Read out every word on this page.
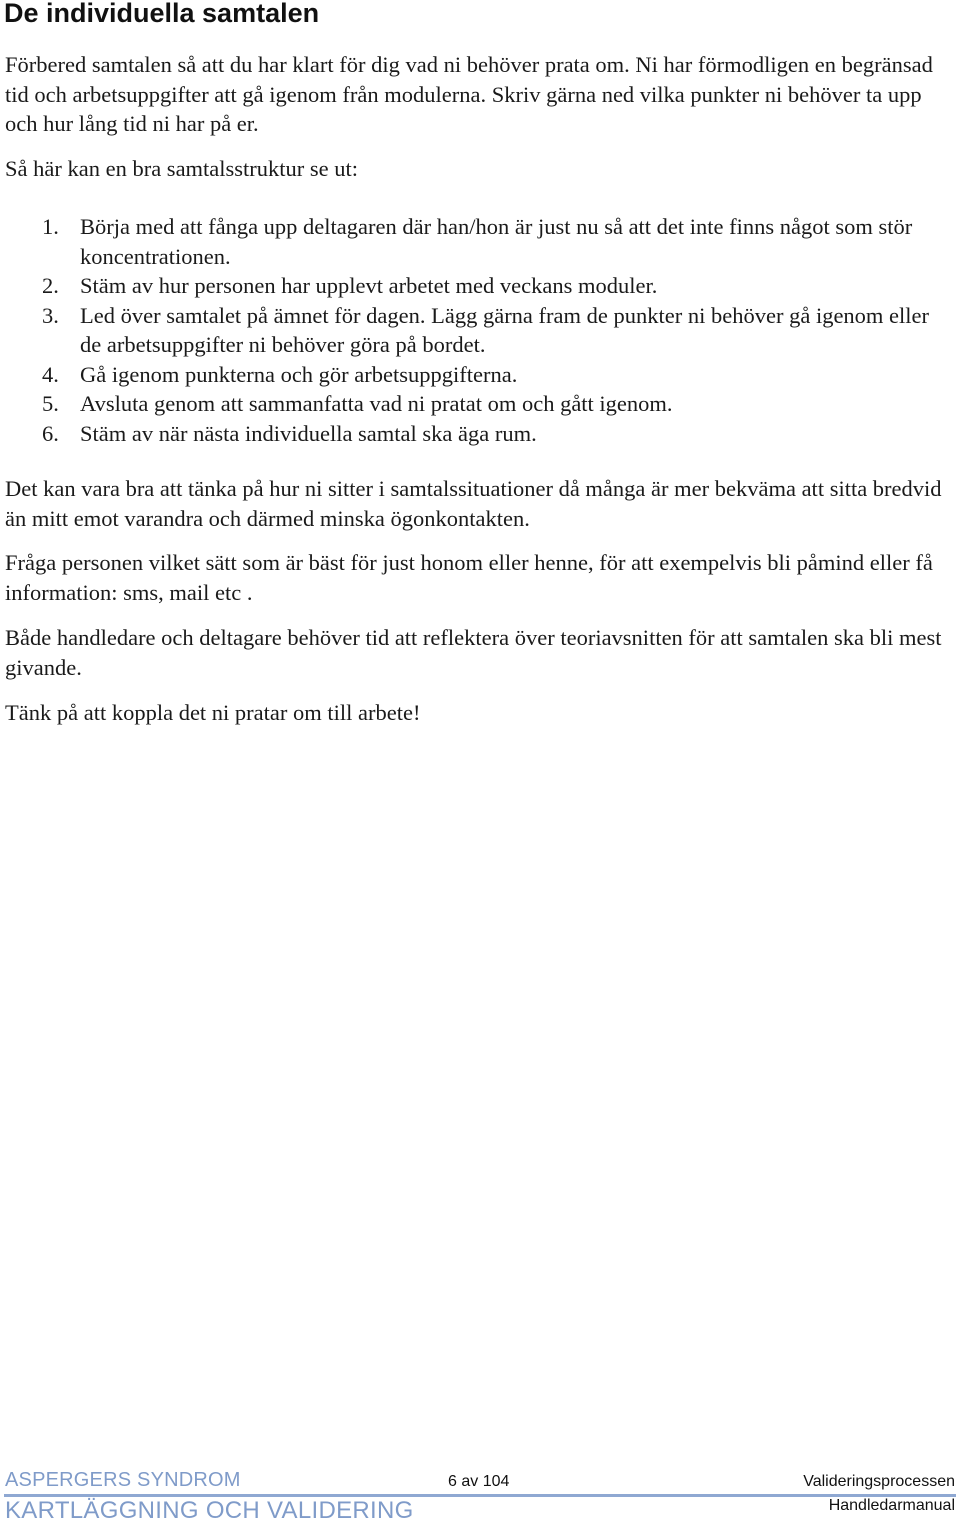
De individuella samtalen

Förbered samtalen så att du har klart för dig vad ni behöver prata om. Ni har förmodligen en begränsad tid och arbetsuppgifter att gå igenom från modulerna. Skriv gärna ned vilka punkter ni behöver ta upp och hur lång tid ni har på er.

Så här kan en bra samtalsstruktur se ut:

1. Börja med att fånga upp deltagaren där han/hon är just nu så att det inte finns något som stör koncentrationen.
2. Stäm av hur personen har upplevt arbetet med veckans moduler.
3. Led över samtalet på ämnet för dagen. Lägg gärna fram de punkter ni behöver gå igenom eller de arbetsuppgifter ni behöver göra på bordet.
4. Gå igenom punkterna och gör arbetsuppgifterna.
5. Avsluta genom att sammanfatta vad ni pratat om och gått igenom.
6. Stäm av när nästa individuella samtal ska äga rum.

Det kan vara bra att tänka på hur ni sitter i samtalssituationer då många är mer bekväma att sitta bredvid än mitt emot varandra och därmed minska ögonkontakten.

Fråga personen vilket sätt som är bäst för just honom eller henne, för att exempelvis bli påmind eller få information: sms, mail etc .

Både handledare och deltagare behöver tid att reflektera över teoriavsnitten för att samtalen ska bli mest givande.

Tänk på att koppla det ni pratar om till arbete!

ASPERGERS SYNDROM	6 av 104	Valideringsprocessen
KARTLÄGGNING OCH VALIDERING	Handledarmanual
